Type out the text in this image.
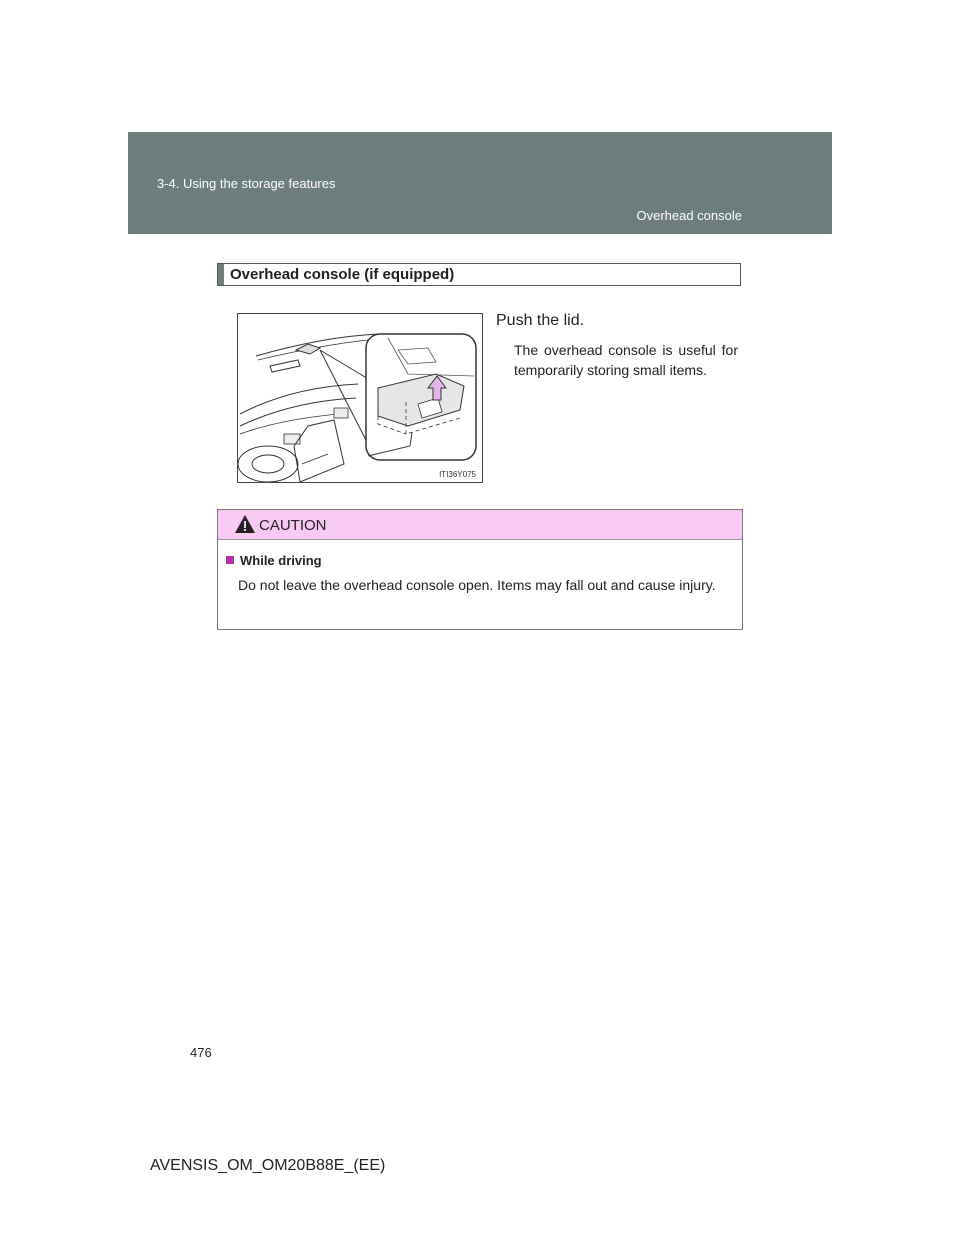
3-4. Using the storage features
Overhead console
Overhead console (if equipped)
ITI36Y075
Push the lid.
The overhead console is useful for temporarily storing small items.
CAUTION
While driving
Do not leave the overhead console open. Items may fall out and cause injury.
476
AVENSIS_OM_OM20B88E_(EE)
